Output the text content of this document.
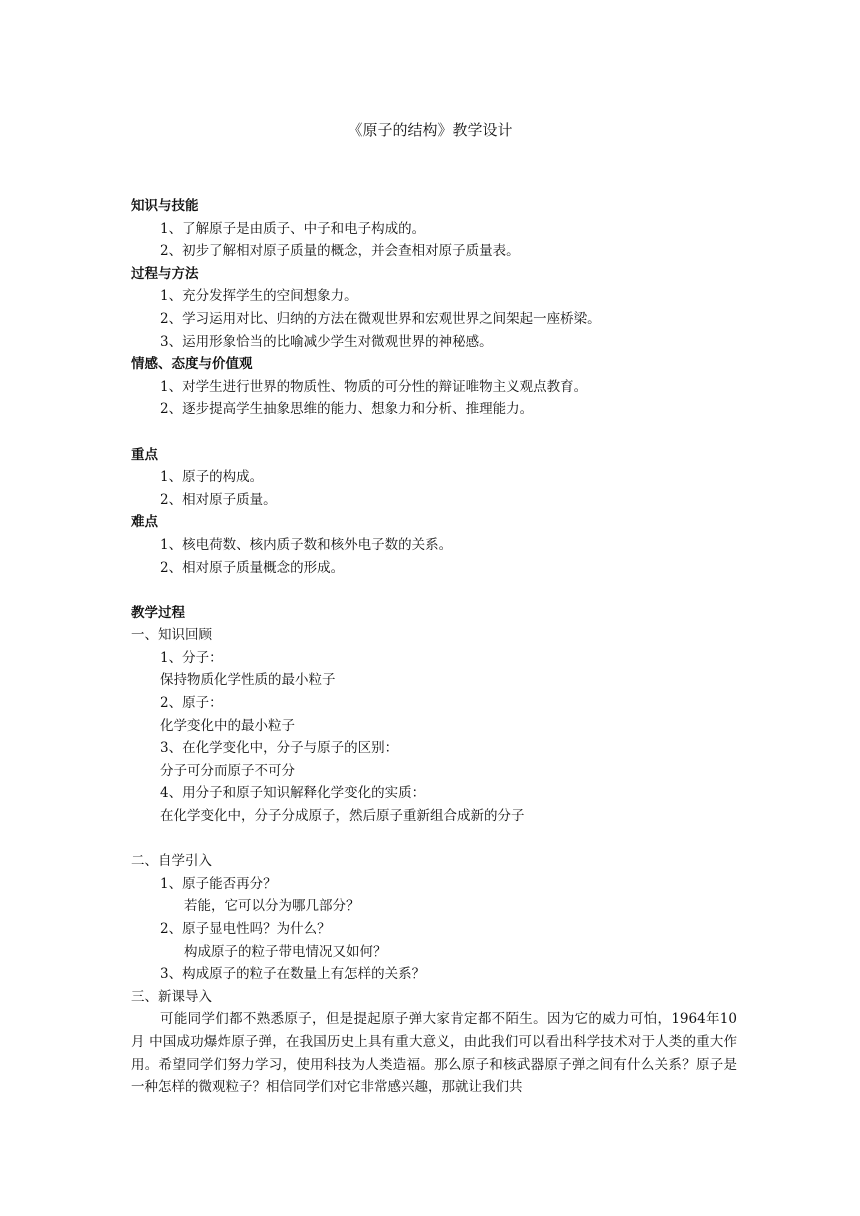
《原子的结构》教学设计
知识与技能
1、了解原子是由质子、中子和电子构成的。
2、初步了解相对原子质量的概念，并会查相对原子质量表。
过程与方法
1、充分发挥学生的空间想象力。
2、学习运用对比、归纳的方法在微观世界和宏观世界之间架起一座桥梁。
3、运用形象恰当的比喻减少学生对微观世界的神秘感。
情感、态度与价值观
1、对学生进行世界的物质性、物质的可分性的辩证唯物主义观点教育。
2、逐步提高学生抽象思维的能力、想象力和分析、推理能力。
重点
1、原子的构成。
2、相对原子质量。
难点
1、核电荷数、核内质子数和核外电子数的关系。
2、相对原子质量概念的形成。
教学过程
一、知识回顾
1、分子：
保持物质化学性质的最小粒子
2、原子：
化学变化中的最小粒子
3、在化学变化中，分子与原子的区别：
分子可分而原子不可分
4、用分子和原子知识解释化学变化的实质：
在化学变化中，分子分成原子，然后原子重新组合成新的分子
二、自学引入
1、原子能否再分？
若能，它可以分为哪几部分？
2、原子显电性吗？为什么？
构成原子的粒子带电情况又如何？
3、构成原子的粒子在数量上有怎样的关系？
三、新课导入
可能同学们都不熟悉原子，但是提起原子弹大家肯定都不陌生。因为它的威力可怕，1964年10月 中国成功爆炸原子弹，在我国历史上具有重大意义，由此我们可以看出科学技术对于人类的重大作用。希望同学们努力学习，使用科技为人类造福。那么原子和核武器原子弹之间有什么关系？原子是一种怎样的微观粒子？相信同学们对它非常感兴趣，那就让我们共
